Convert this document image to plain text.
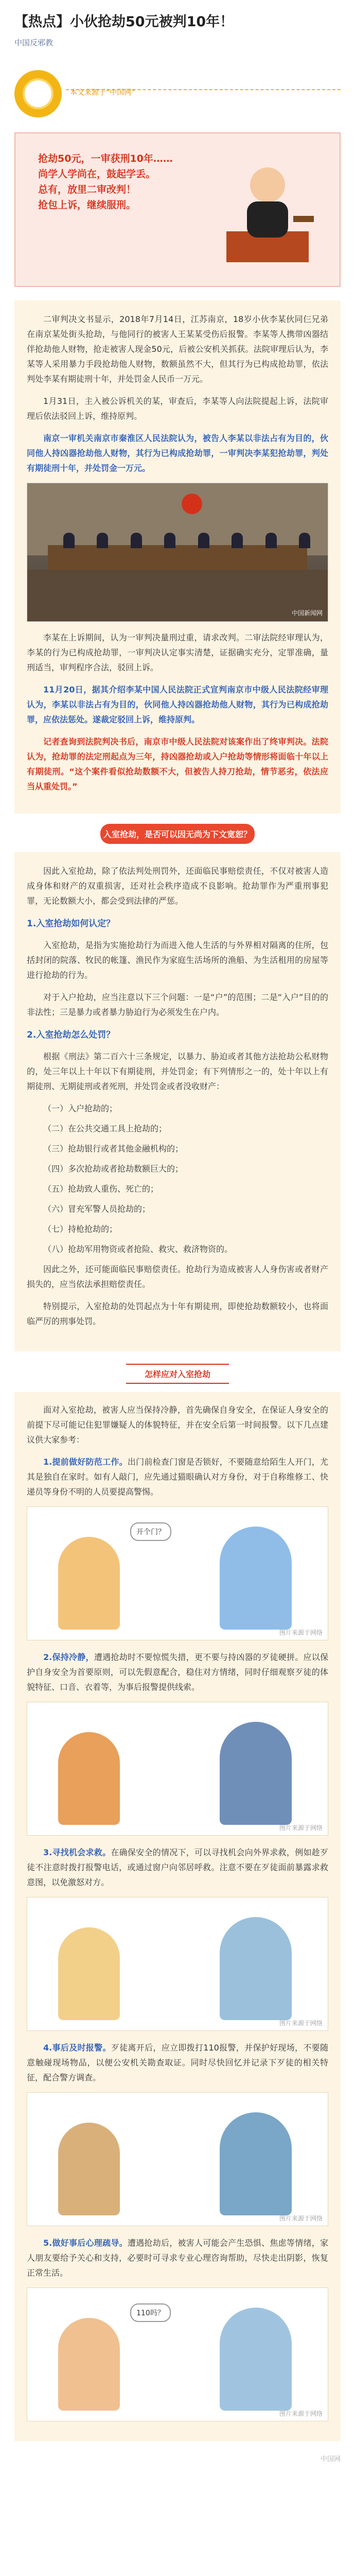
【热点】小伙抢劫50元被判10年！
中国反邪教
本文来源于“中国网”
抢劫50元，一审获刑10年……
尚学人学尚在，鼓起学丢。
总有，放里二审改判！
抢包上诉，继续服刑。

二审判决文书显示，2018年7月14日，江苏南京，18岁小伙李某伙同仨兄弟在南京某处街头抢劫，与他同行的被害人王某某受伤后报警。李某等人携带凶器结伴抢劫他人财物，抢走被害人现金50元，后被公安机关抓获。法院审理后认为，李某等人采用暴力手段抢劫他人财物，数额虽然不大，但其行为已构成抢劫罪，依法判处李某有期徒刑十年，并处罚金人民币一万元。

1月31日，主入被公诉机关的某，审查后，李某等人向法院提起上诉，法院审理后依法驳回上诉，维持原判。

南京一审机关南京市秦淮区人民法院认为，被告人李某以非法占有为目的，伙同他人持凶器抢劫他人财物，其行为已构成抢劫罪，一审判决李某犯抢劫罪，判处有期徒刑十年，并处罚金一万元。

中国新闻网

李某在上诉期间，认为一审判决量刑过重，请求改判。二审法院经审理认为，李某的行为已构成抢劫罪，一审判决认定事实清楚，证据确实充分，定罪准确，量刑适当，审判程序合法，驳回上诉。

11月20日，据其介绍李某中国人民法院正式宣判南京市中级人民法院经审理认为，李某以非法占有为目的，伙同他人持凶器抢劫他人财物，其行为已构成抢劫罪，应依法惩处。遂裁定驳回上诉，维持原判。

记者查询到法院判决书后，南京市中级人民法院对该案作出了终审判决。法院认为，抢劫罪的法定刑起点为三年，持凶器抢劫或入户抢劫等情形将面临十年以上有期徒刑。“这个案件看似抢劫数额不大，但被告人持刀抢劫，情节恶劣，依法应当从重处罚。”

入室抢劫，是否可以因无尚为下文宽恕？

因此入室抢劫，除了依法判处刑罚外，还面临民事赔偿责任，不仅对被害人造成身体和财产的双重损害，还对社会秩序造成不良影响。抢劫罪作为严重刑事犯罪，无论数额大小，都会受到法律的严惩。

1.入室抢劫如何认定？

入室抢劫，是指为实施抢劫行为而进入他人生活的与外界相对隔离的住所，包括封闭的院落、牧民的帐篷、渔民作为家庭生活场所的渔船、为生活租用的房屋等进行抢劫的行为。

对于入户抢劫，应当注意以下三个问题：一是“户”的范围；二是“入户”目的的非法性；三是暴力或者暴力胁迫行为必须发生在户内。

2.入室抢劫怎么处罚？

根据《刑法》第二百六十三条规定，以暴力、胁迫或者其他方法抢劫公私财物的，处三年以上十年以下有期徒刑，并处罚金；有下列情形之一的，处十年以上有期徒刑、无期徒刑或者死刑，并处罚金或者没收财产：

（一）入户抢劫的；

（二）在公共交通工具上抢劫的；

（三）抢劫银行或者其他金融机构的；

（四）多次抢劫或者抢劫数额巨大的；

（五）抢劫致人重伤、死亡的；

（六）冒充军警人员抢劫的；

（七）持枪抢劫的；

（八）抢劫军用物资或者抢险、救灾、救济物资的。

因此之外，还可能面临民事赔偿责任。抢劫行为造成被害人人身伤害或者财产损失的，应当依法承担赔偿责任。

特别提示，入室抢劫的处罚起点为十年有期徒刑，即使抢劫数额较小，也将面临严厉的刑事处罚。

怎样应对入室抢劫

面对入室抢劫，被害人应当保持冷静，首先确保自身安全，在保证人身安全的前提下尽可能记住犯罪嫌疑人的体貌特征，并在安全后第一时间报警。以下几点建议供大家参考：

1.提前做好防范工作。出门前检查门窗是否锁好，不要随意给陌生人开门，尤其是独自在家时。如有人敲门，应先通过猫眼确认对方身份，对于自称维修工、快递员等身份不明的人员要提高警惕。

开个门？
图片来源于网络

2.保持冷静，遭遇抢劫时不要惊慌失措，更不要与持凶器的歹徒硬拼。应以保护自身安全为首要原则，可以先假意配合，稳住对方情绪，同时仔细观察歹徒的体貌特征、口音、衣着等，为事后报警提供线索。

图片来源于网络

3.寻找机会求救。在确保安全的情况下，可以寻找机会向外界求救，例如趁歹徒不注意时拨打报警电话，或通过窗户向邻居呼救。注意不要在歹徒面前暴露求救意图，以免激怒对方。

图片来源于网络

4.事后及时报警。歹徒离开后，应立即拨打110报警，并保护好现场，不要随意触碰现场物品，以便公安机关勘查取证。同时尽快回忆并记录下歹徒的相关特征，配合警方调查。

图片来源于网络

5.做好事后心理疏导。遭遇抢劫后，被害人可能会产生恐惧、焦虑等情绪，家人朋友要给予关心和支持，必要时可寻求专业心理咨询帮助，尽快走出阴影，恢复正常生活。

110吗？
图片来源于网络
中国网
